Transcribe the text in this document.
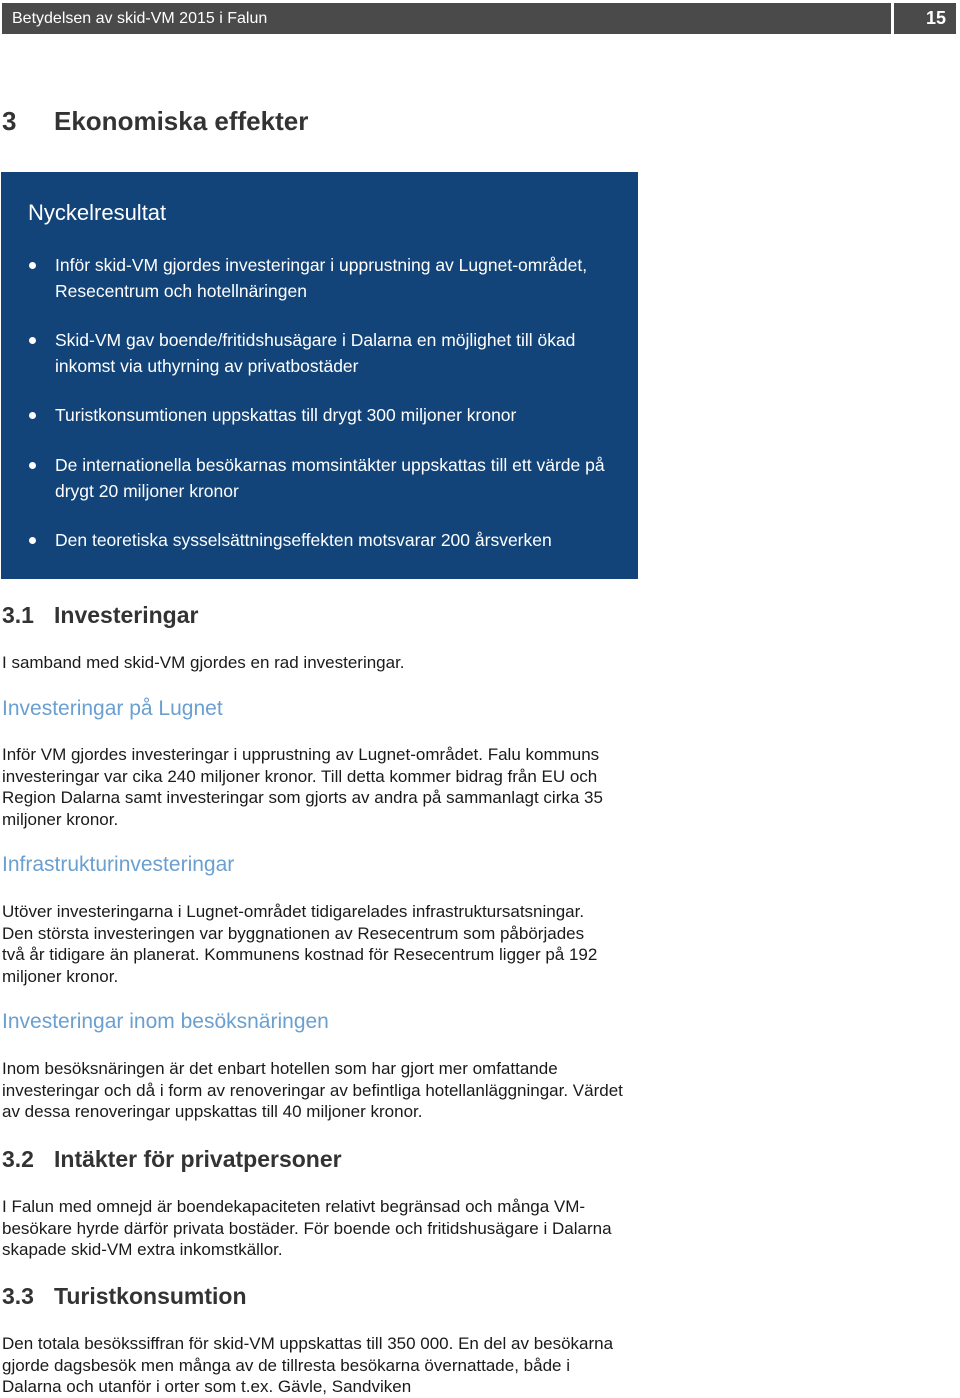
Betydelsen av skid-VM 2015 i Falun	15
3 Ekonomiska effekter
Nyckelresultat
Inför skid-VM gjordes investeringar i upprustning av Lugnet-området, Resecentrum och hotellnäringen
Skid-VM gav boende/fritidshusägare i Dalarna en möjlighet till ökad inkomst via uthyrning av privatbostäder
Turistkonsumtionen uppskattas till drygt 300 miljoner kronor
De internationella besökarnas momsintäkter uppskattas till ett värde på drygt 20 miljoner kronor
Den teoretiska sysselsättningseffekten motsvarar 200 årsverken
3.1 Investeringar
I samband med skid-VM gjordes en rad investeringar.
Investeringar på Lugnet
Inför VM gjordes investeringar i upprustning av Lugnet-området. Falu kommuns investeringar var cika 240 miljoner kronor. Till detta kommer bidrag från EU och Region Dalarna samt investeringar som gjorts av andra på sammanlagt cirka 35 miljoner kronor.
Infrastrukturinvesteringar
Utöver investeringarna i Lugnet-området tidigarelades infrastruktursatsningar. Den största investeringen var byggnationen av Resecentrum som påbörjades två år tidigare än planerat. Kommunens kostnad för Resecentrum ligger på 192 miljoner kronor.
Investeringar inom besöksnäringen
Inom besöksnäringen är det enbart hotellen som har gjort mer omfattande investeringar och då i form av renoveringar av befintliga hotellanläggningar. Värdet av dessa renoveringar uppskattas till 40 miljoner kronor.
3.2 Intäkter för privatpersoner
I Falun med omnejd är boendekapaciteten relativt begränsad och många VM-besökare hyrde därför privata bostäder. För boende och fritidshusägare i Dalarna skapade skid-VM extra inkomstkällor.
3.3 Turistkonsumtion
Den totala besökssiffran för skid-VM uppskattas till 350 000. En del av besökarna gjorde dagsbesök men många av de tillresta besökarna övernattade, både i Dalarna och utanför i orter som t.ex. Gävle, Sandviken
